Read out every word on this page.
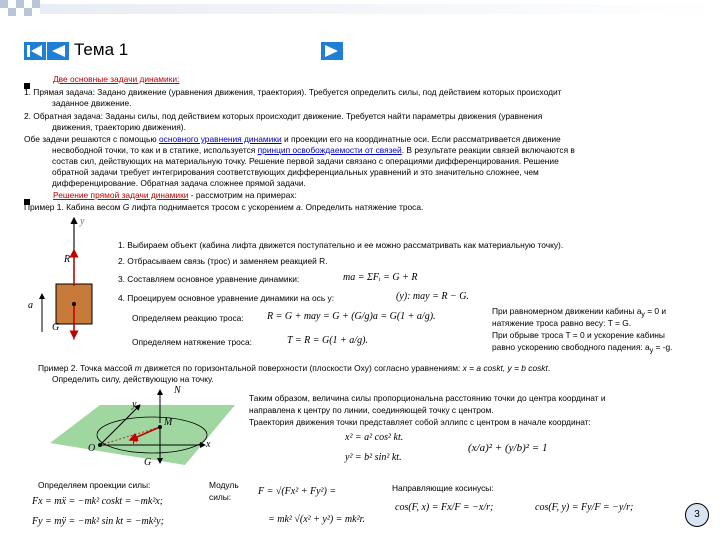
Тема 1
Две основные задачи динамики:
1. Прямая задача: Задано движение (уравнения движения, траектория). Требуется определить силы, под действием которых происходит
заданное движение.
2. Обратная задача: Заданы силы, под действием которых происходит движение. Требуется найти параметры движения (уравнения
движения, траекторию движения).
Обе задачи решаются с помощью основного уравнения динамики и проекции его на координатные оси. Если рассматривается движение
несвободной точки, то как и в статике, используется принцип освобождаемости от связей. В результате реакции связей включаются в
состав сил, действующих на материальную точку. Решение первой задачи связано с операциями дифференцирования. Решение
обратной задачи требует интегрирования соответствующих дифференциальных уравнений и это значительно сложнее, чем
дифференцирование. Обратная задача сложнее прямой задачи.
Решение прямой задачи динамики - рассмотрим на примерах:
Пример 1. Кабина весом G лифта поднимается тросом с ускорением a. Определить натяжение троса.
y
R
a
G
1. Выбираем объект (кабина лифта движется поступательно и ее можно рассматривать как материальную точку).
2. Отбрасываем связь (трос) и заменяем реакцией R.
3. Составляем основное уравнение динамики:	ma = ΣFᵢ = G + R
4. Проецируем основное уравнение динамики на ось y:	(y): may = R − G.
Определяем реакцию троса: R = G + may = G + (G/g)a = G(1 + a/g).
Определяем натяжение троса:	T = R = G(1 + a/g).
При равномерном движении кабины $a_y = 0$ и
натяжение троса равно весу: T = G.
При обрыве троса T = 0 и ускорение кабины
равно ускорению свободного падения: $a_y = -g$.
Пример 2. Точка массой m движется по горизонтальной поверхности (плоскости Oxy) согласно уравнениям: x = a coskt, y = b coskt.
Определить силу, действующую на точку.
y
x
O
N
F
G
M
Таким образом, величина силы пропорциональна расстоянию точки до центра координат и
направлена к центру по линии, соединяющей точку с центром.
Траектория движения точки представляет собой эллипс с центром в начале координат:
x² = a² cos² kt.
y² = b² sin² kt.
(x/a)² + (y/b)² = 1
Определяем проекции силы:
Fx = mẍ = −mk² coskt = −mk²x;
Fy = mÿ = −mk² sin kt = −mk²y;
Модуль
силы:	F = √(Fx² + Fy²) =
= mk² √(x² + y²) = mk²r.
Направляющие косинусы:
cos(F, x) = Fx/F = −x/r;	cos(F, y) = Fy/F = −y/r;
3
